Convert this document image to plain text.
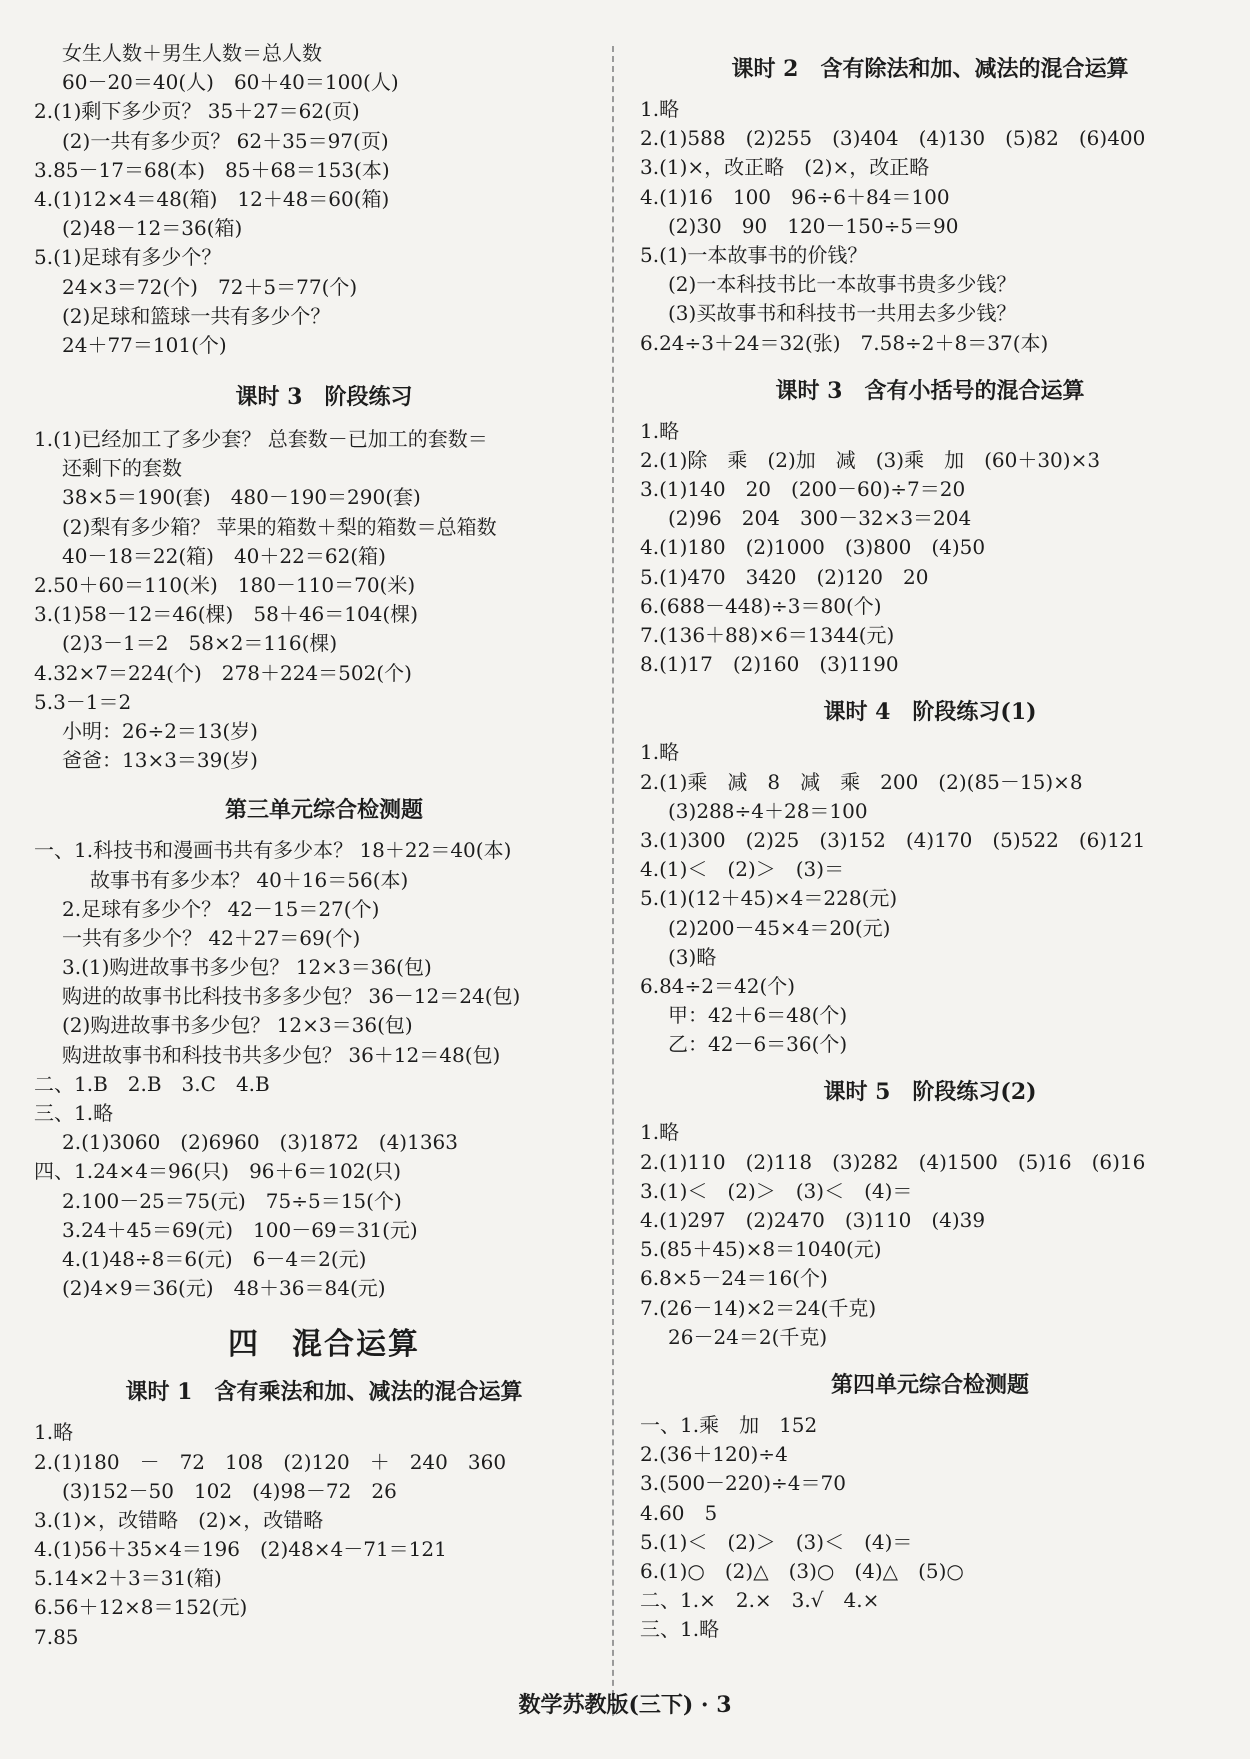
女生人数＋男生人数＝总人数
60－20＝40(人)　60＋40＝100(人)
2.(1)剩下多少页？ 35＋27＝62(页)
(2)一共有多少页？ 62＋35＝97(页)
3.85－17＝68(本)　85＋68＝153(本)
4.(1)12×4＝48(箱)　12＋48＝60(箱)
(2)48－12＝36(箱)
5.(1)足球有多少个？
24×3＝72(个)　72＋5＝77(个)
(2)足球和篮球一共有多少个？
24＋77＝101(个)
课时 3　阶段练习
1.(1)已经加工了多少套？ 总套数－已加工的套数＝
还剩下的套数
38×5＝190(套)　480－190＝290(套)
(2)梨有多少箱？ 苹果的箱数＋梨的箱数＝总箱数
40－18＝22(箱)　40＋22＝62(箱)
2.50＋60＝110(米)　180－110＝70(米)
3.(1)58－12＝46(棵)　58＋46＝104(棵)
(2)3－1＝2　58×2＝116(棵)
4.32×7＝224(个)　278＋224＝502(个)
5.3－1＝2
小明：26÷2＝13(岁)
爸爸：13×3＝39(岁)
第三单元综合检测题
一、1.科技书和漫画书共有多少本？ 18＋22＝40(本)
故事书有多少本？ 40＋16＝56(本)
2.足球有多少个？ 42－15＝27(个)
一共有多少个？ 42＋27＝69(个)
3.(1)购进故事书多少包？ 12×3＝36(包)
购进的故事书比科技书多多少包？ 36－12＝24(包)
(2)购进故事书多少包？ 12×3＝36(包)
购进故事书和科技书共多少包？ 36＋12＝48(包)
二、1.B　2.B　3.C　4.B
三、1.略
2.(1)3060　(2)6960　(3)1872　(4)1363
四、1.24×4＝96(只)　96＋6＝102(只)
2.100－25＝75(元)　75÷5＝15(个)
3.24＋45＝69(元)　100－69＝31(元)
4.(1)48÷8＝6(元)　6－4＝2(元)
(2)4×9＝36(元)　48＋36＝84(元)
四　混合运算
课时 1　含有乘法和加、减法的混合运算
1.略
2.(1)180　－　72　108　(2)120　＋　240　360
(3)152－50　102　(4)98－72　26
3.(1)×，改错略　(2)×，改错略
4.(1)56＋35×4＝196　(2)48×4－71＝121
5.14×2＋3＝31(箱)
6.56＋12×8＝152(元)
7.85
课时 2　含有除法和加、减法的混合运算
1.略
2.(1)588　(2)255　(3)404　(4)130　(5)82　(6)400
3.(1)×，改正略　(2)×，改正略
4.(1)16　100　96÷6＋84＝100
(2)30　90　120－150÷5＝90
5.(1)一本故事书的价钱？
(2)一本科技书比一本故事书贵多少钱？
(3)买故事书和科技书一共用去多少钱？
6.24÷3＋24＝32(张)　7.58÷2＋8＝37(本)
课时 3　含有小括号的混合运算
1.略
2.(1)除　乘　(2)加　减　(3)乘　加　(60＋30)×3
3.(1)140　20　(200－60)÷7＝20
(2)96　204　300－32×3＝204
4.(1)180　(2)1000　(3)800　(4)50
5.(1)470　3420　(2)120　20
6.(688－448)÷3＝80(个)
7.(136＋88)×6＝1344(元)
8.(1)17　(2)160　(3)1190
课时 4　阶段练习(1)
1.略
2.(1)乘　减　8　减　乘　200　(2)(85－15)×8
(3)288÷4＋28＝100
3.(1)300　(2)25　(3)152　(4)170　(5)522　(6)121
4.(1)＜　(2)＞　(3)＝
5.(1)(12＋45)×4＝228(元)
(2)200－45×4＝20(元)
(3)略
6.84÷2＝42(个)
甲：42＋6＝48(个)
乙：42－6＝36(个)
课时 5　阶段练习(2)
1.略
2.(1)110　(2)118　(3)282　(4)1500　(5)16　(6)16
3.(1)＜　(2)＞　(3)＜　(4)＝
4.(1)297　(2)2470　(3)110　(4)39
5.(85＋45)×8＝1040(元)
6.8×5－24＝16(个)
7.(26－14)×2＝24(千克)
26－24＝2(千克)
第四单元综合检测题
一、1.乘　加　152
2.(36＋120)÷4
3.(500－220)÷4＝70
4.60　5
5.(1)＜　(2)＞　(3)＜　(4)＝
6.(1)○　(2)△　(3)○　(4)△　(5)○
二、1.×　2.×　3.√　4.×
三、1.略
数学苏教版(三下) · 3
